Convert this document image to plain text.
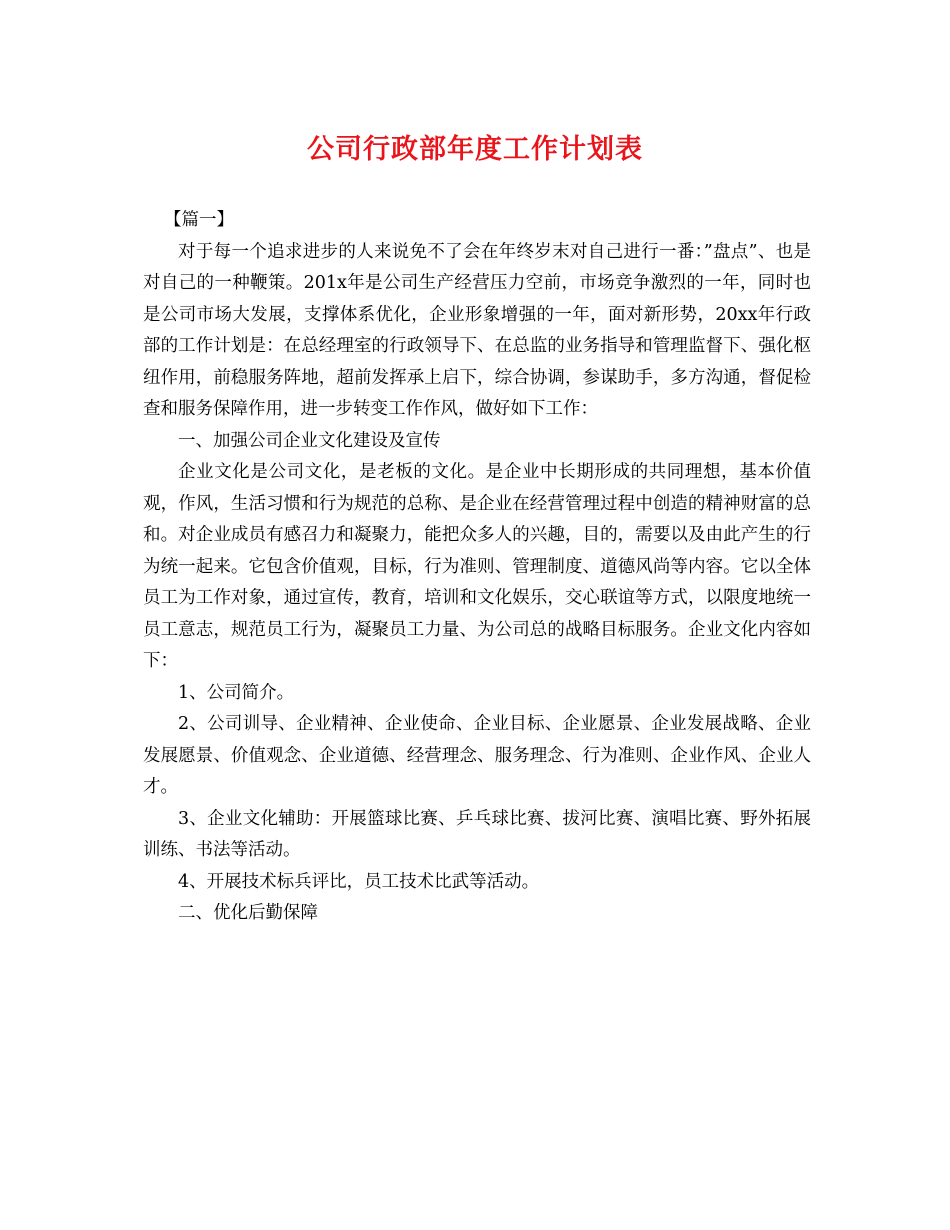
公司行政部年度工作计划表

【篇一】

对于每一个追求进步的人来说免不了会在年终岁末对自己进行一番：”盘点”、也是对自己的一种鞭策。201x年是公司生产经营压力空前，市场竞争激烈的一年，同时也是公司市场大发展，支撑体系优化，企业形象增强的一年，面对新形势，20xx年行政部的工作计划是：在总经理室的行政领导下、在总监的业务指导和管理监督下、强化枢纽作用，前稳服务阵地，超前发挥承上启下，综合协调，参谋助手，多方沟通，督促检查和服务保障作用，进一步转变工作作风，做好如下工作：

一、加强公司企业文化建设及宣传

企业文化是公司文化，是老板的文化。是企业中长期形成的共同理想，基本价值观，作风，生活习惯和行为规范的总称、是企业在经营管理过程中创造的精神财富的总和。对企业成员有感召力和凝聚力，能把众多人的兴趣，目的，需要以及由此产生的行为统一起来。它包含价值观，目标，行为准则、管理制度、道德风尚等内容。它以全体员工为工作对象，通过宣传，教育，培训和文化娱乐，交心联谊等方式，以限度地统一员工意志，规范员工行为，凝聚员工力量、为公司总的战略目标服务。企业文化内容如下：

1、公司简介。

2、公司训导、企业精神、企业使命、企业目标、企业愿景、企业发展战略、企业发展愿景、价值观念、企业道德、经营理念、服务理念、行为准则、企业作风、企业人才。

3、企业文化辅助：开展篮球比赛、乒乓球比赛、拔河比赛、演唱比赛、野外拓展训练、书法等活动。

4、开展技术标兵评比，员工技术比武等活动。

二、优化后勤保障
